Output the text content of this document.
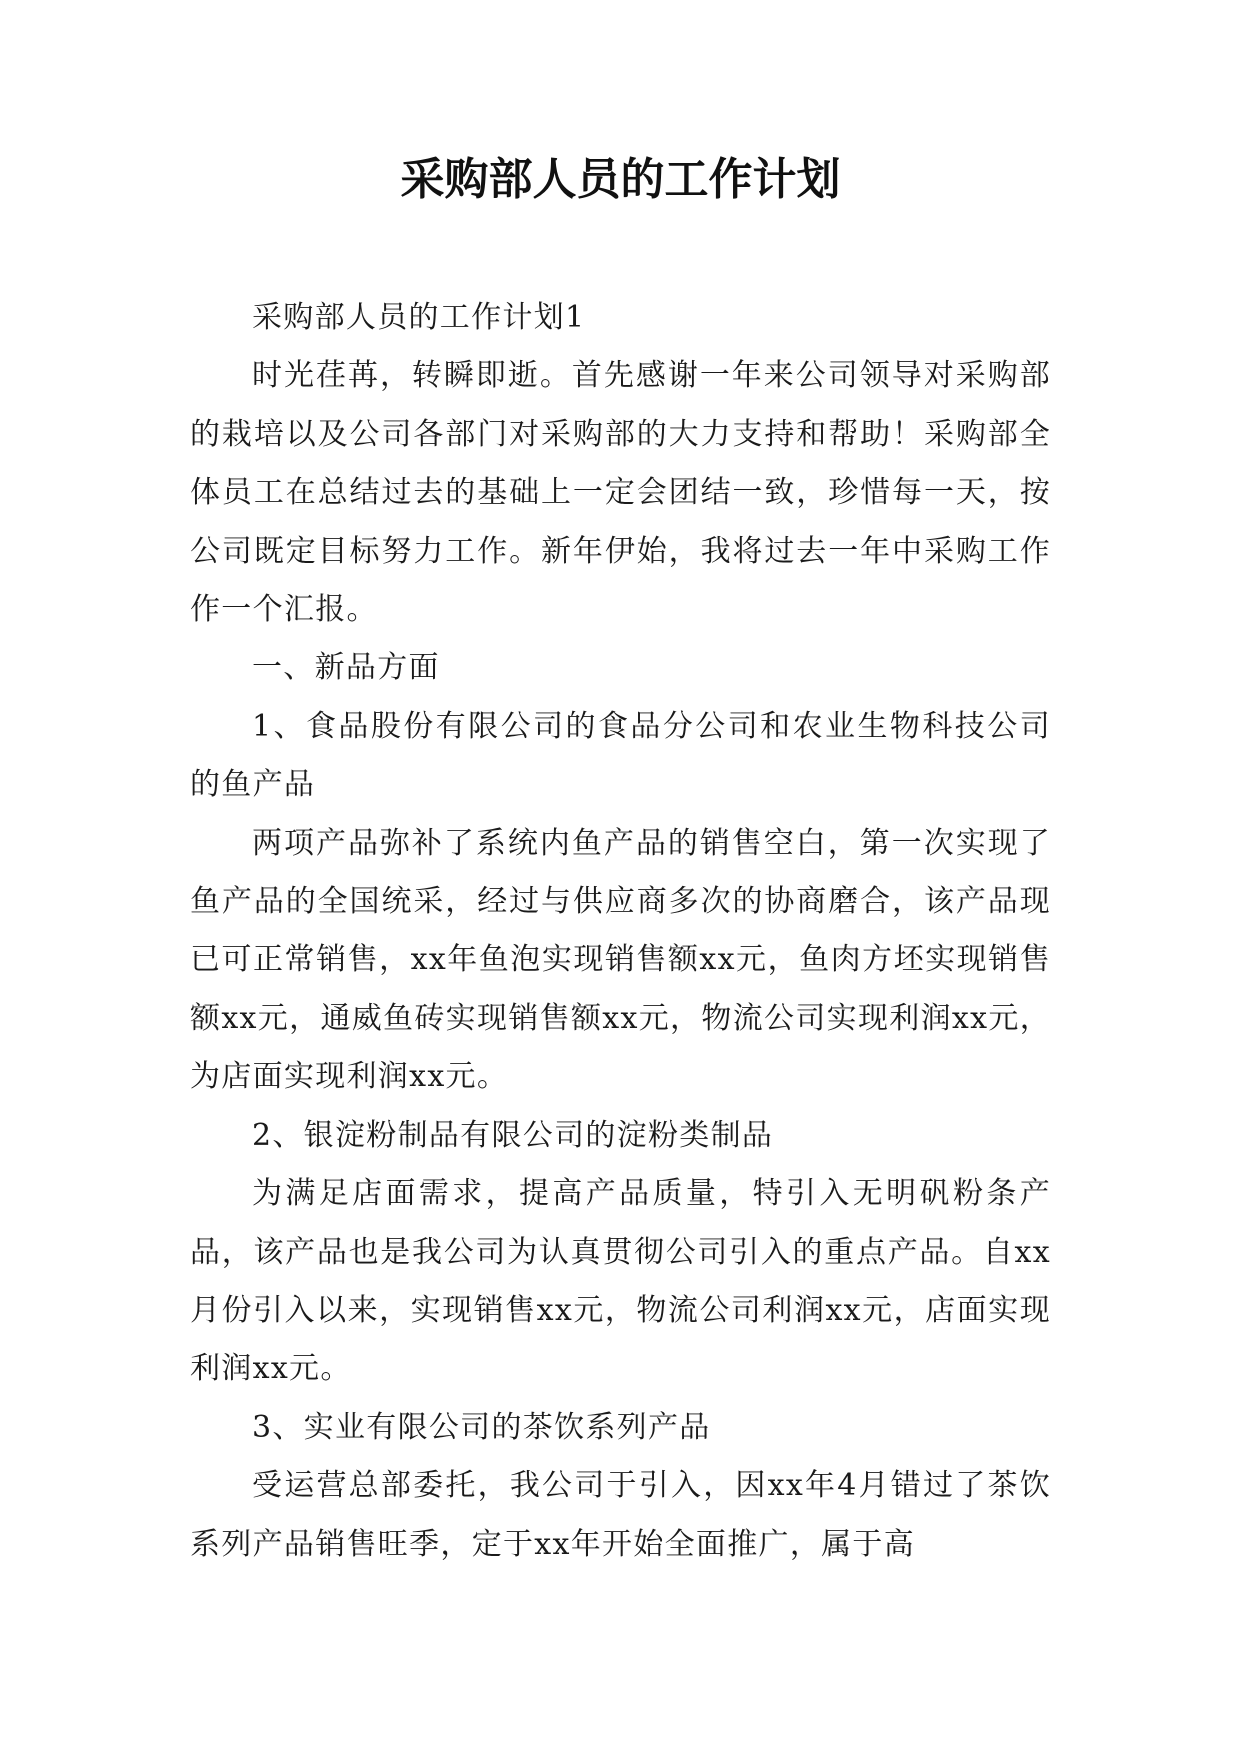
采购部人员的工作计划

采购部人员的工作计划1

时光荏苒，转瞬即逝。首先感谢一年来公司领导对采购部的栽培以及公司各部门对采购部的大力支持和帮助！采购部全体员工在总结过去的基础上一定会团结一致，珍惜每一天，按公司既定目标努力工作。新年伊始，我将过去一年中采购工作作一个汇报。

一、新品方面

1、食品股份有限公司的食品分公司和农业生物科技公司的鱼产品

两项产品弥补了系统内鱼产品的销售空白，第一次实现了鱼产品的全国统采，经过与供应商多次的协商磨合，该产品现已可正常销售，xx年鱼泡实现销售额xx元，鱼肉方坯实现销售额xx元，通威鱼砖实现销售额xx元，物流公司实现利润xx元，为店面实现利润xx元。

2、银淀粉制品有限公司的淀粉类制品

为满足店面需求，提高产品质量，特引入无明矾粉条产品，该产品也是我公司为认真贯彻公司引入的重点产品。自xx月份引入以来，实现销售xx元，物流公司利润xx元，店面实现利润xx元。

3、实业有限公司的茶饮系列产品

受运营总部委托，我公司于引入，因xx年4月错过了茶饮系列产品销售旺季，定于xx年开始全面推广，属于高
